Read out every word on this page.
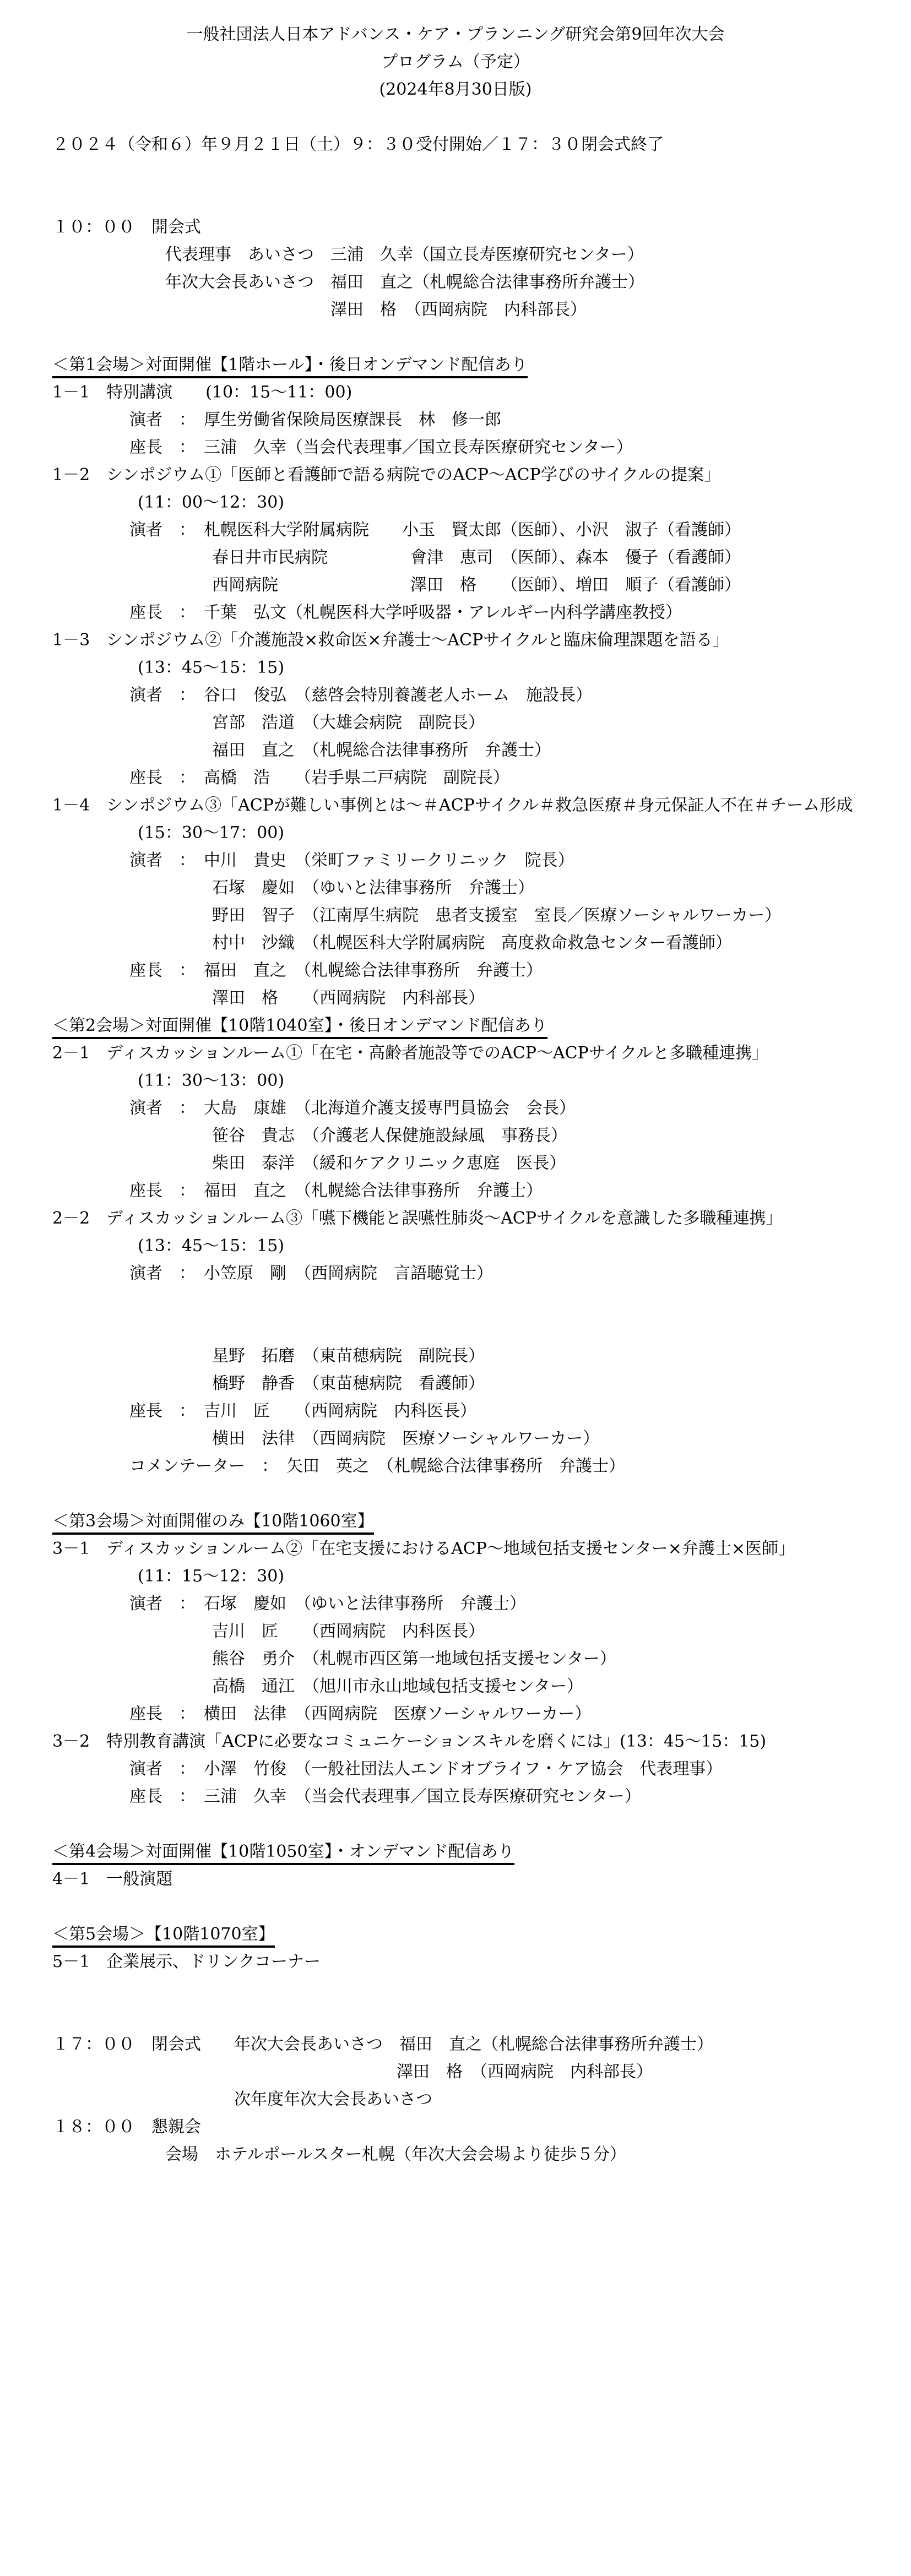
一般社団法人日本アドバンス・ケア・プランニング研究会第9回年次大会
プログラム（予定）
(2024年8月30日版)

２０２４（令和６）年９月２１日（土）９：３０受付開始／１７：３０閉会式終了

１０：００　開会式
代表理事　あいさつ　三浦　久幸（国立長寿医療研究センター）
年次大会長あいさつ　福田　直之（札幌総合法律事務所弁護士）
澤田　格　（西岡病院　内科部長）

＜第1会場＞対面開催【1階ホール】・後日オンデマンド配信あり
1－1　特別講演　　(10：15～11：00)
演者　：　厚生労働省保険局医療課長　林　修一郎
座長　：　三浦　久幸（当会代表理事／国立長寿医療研究センター）
1－2　シンポジウム①「医師と看護師で語る病院でのACP～ACP学びのサイクルの提案」
(11：00～12：30)
演者　：　札幌医科大学附属病院　　小玉　賢太郎（医師）、小沢　淑子（看護師）
春日井市民病院　　　　　會津　恵司　（医師）、森本　優子（看護師）
西岡病院　　　　　　　　澤田　格　　（医師）、増田　順子（看護師）
座長　：　千葉　弘文（札幌医科大学呼吸器・アレルギー内科学講座教授）
1－3　シンポジウム②「介護施設×救命医×弁護士～ACPサイクルと臨床倫理課題を語る」
(13：45～15：15)
演者　：　谷口　俊弘　（慈啓会特別養護老人ホーム　施設長）
宮部　浩道　（大雄会病院　副院長）
福田　直之　（札幌総合法律事務所　弁護士）
座長　：　高橋　浩　　（岩手県二戸病院　副院長）
1－4　シンポジウム③「ACPが難しい事例とは～＃ACPサイクル＃救急医療＃身元保証人不在＃チーム形成
(15：30～17：00)
演者　：　中川　貴史　（栄町ファミリークリニック　院長）
石塚　慶如　（ゆいと法律事務所　弁護士）
野田　智子　（江南厚生病院　患者支援室　室長／医療ソーシャルワーカー）
村中　沙織　（札幌医科大学附属病院　高度救命救急センター看護師）
座長　：　福田　直之　（札幌総合法律事務所　弁護士）
澤田　格　　（西岡病院　内科部長）
＜第2会場＞対面開催【10階1040室】・後日オンデマンド配信あり
2－1　ディスカッションルーム①「在宅・高齢者施設等でのACP～ACPサイクルと多職種連携」
(11：30～13：00)
演者　：　大島　康雄　（北海道介護支援専門員協会　会長）
笹谷　貴志　（介護老人保健施設緑風　事務長）
柴田　泰洋　（緩和ケアクリニック恵庭　医長）
座長　：　福田　直之　（札幌総合法律事務所　弁護士）
2－2　ディスカッションルーム③「嚥下機能と誤嚥性肺炎～ACPサイクルを意識した多職種連携」
(13：45～15：15)
演者　：　小笠原　剛　（西岡病院　言語聴覚士）

星野　拓磨　（東苗穂病院　副院長）
橋野　静香　（東苗穂病院　看護師）
座長　：　吉川　匠　　（西岡病院　内科医長）
横田　法律　（西岡病院　医療ソーシャルワーカー）
コメンテーター　：　矢田　英之　（札幌総合法律事務所　弁護士）

＜第3会場＞対面開催のみ【10階1060室】
3－1　ディスカッションルーム②「在宅支援におけるACP～地域包括支援センター×弁護士×医師」
(11：15～12：30)
演者　：　石塚　慶如　（ゆいと法律事務所　弁護士）
吉川　匠　　（西岡病院　内科医長）
熊谷　勇介　（札幌市西区第一地域包括支援センター）
高橋　通江　（旭川市永山地域包括支援センター）
座長　：　横田　法律　（西岡病院　医療ソーシャルワーカー）
3－2　特別教育講演「ACPに必要なコミュニケーションスキルを磨くには」(13：45～15：15)
演者　：　小澤　竹俊　（一般社団法人エンドオブライフ・ケア協会　代表理事）
座長　：　三浦　久幸　（当会代表理事／国立長寿医療研究センター）

＜第4会場＞対面開催【10階1050室】・オンデマンド配信あり
4－1　一般演題

＜第5会場＞【10階1070室】
5－1　企業展示、ドリンクコーナー

１７：００　閉会式　　年次大会長あいさつ　福田　直之（札幌総合法律事務所弁護士）
澤田　格　（西岡病院　内科部長）
次年度年次大会長あいさつ
１８：００　懇親会
会場　ホテルポールスター札幌（年次大会会場より徒歩５分）
